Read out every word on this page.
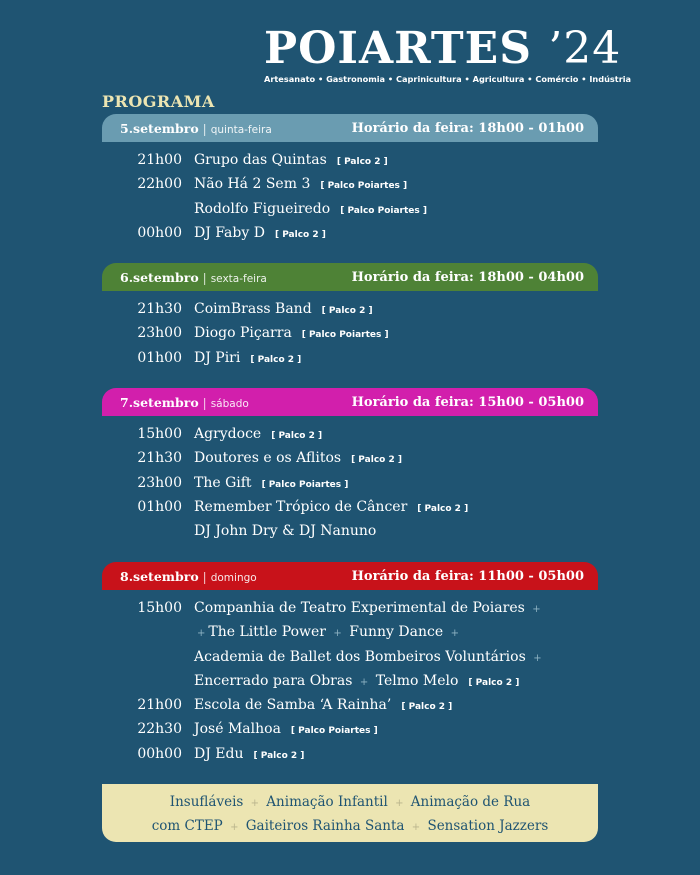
POIARTES ’24
Artesanato • Gastronomia • Caprinicultura • Agricultura • Comércio • Indústria
PROGRAMA
5.setembro | quinta-feira	Horário da feira: 18h00 - 01h00
21h00 Grupo das Quintas [ Palco 2 ]
22h00 Não Há 2 Sem 3 [ Palco Poiartes ]
Rodolfo Figueiredo [ Palco Poiartes ]
00h00 DJ Faby D [ Palco 2 ]
6.setembro | sexta-feira	Horário da feira: 18h00 - 04h00
21h30 CoimBrass Band [ Palco 2 ]
23h00 Diogo Piçarra [ Palco Poiartes ]
01h00 DJ Piri [ Palco 2 ]
7.setembro | sábado	Horário da feira: 15h00 - 05h00
15h00 Agrydoce [ Palco 2 ]
21h30 Doutores e os Aflitos [ Palco 2 ]
23h00 The Gift [ Palco Poiartes ]
01h00 Remember Trópico de Câncer [ Palco 2 ]
DJ John Dry & DJ Nanuno
8.setembro | domingo	Horário da feira: 11h00 - 05h00
15h00 Companhia de Teatro Experimental de Poiares +
+ The Little Power + Funny Dance +
Academia de Ballet dos Bombeiros Voluntários +
Encerrado para Obras + Telmo Melo [ Palco 2 ]
21h00 Escola de Samba ‘A Rainha’ [ Palco 2 ]
22h30 José Malhoa [ Palco Poiartes ]
00h00 DJ Edu [ Palco 2 ]
Insufláveis + Animação Infantil + Animação de Rua
com CTEP + Gaiteiros Rainha Santa + Sensation Jazzers
